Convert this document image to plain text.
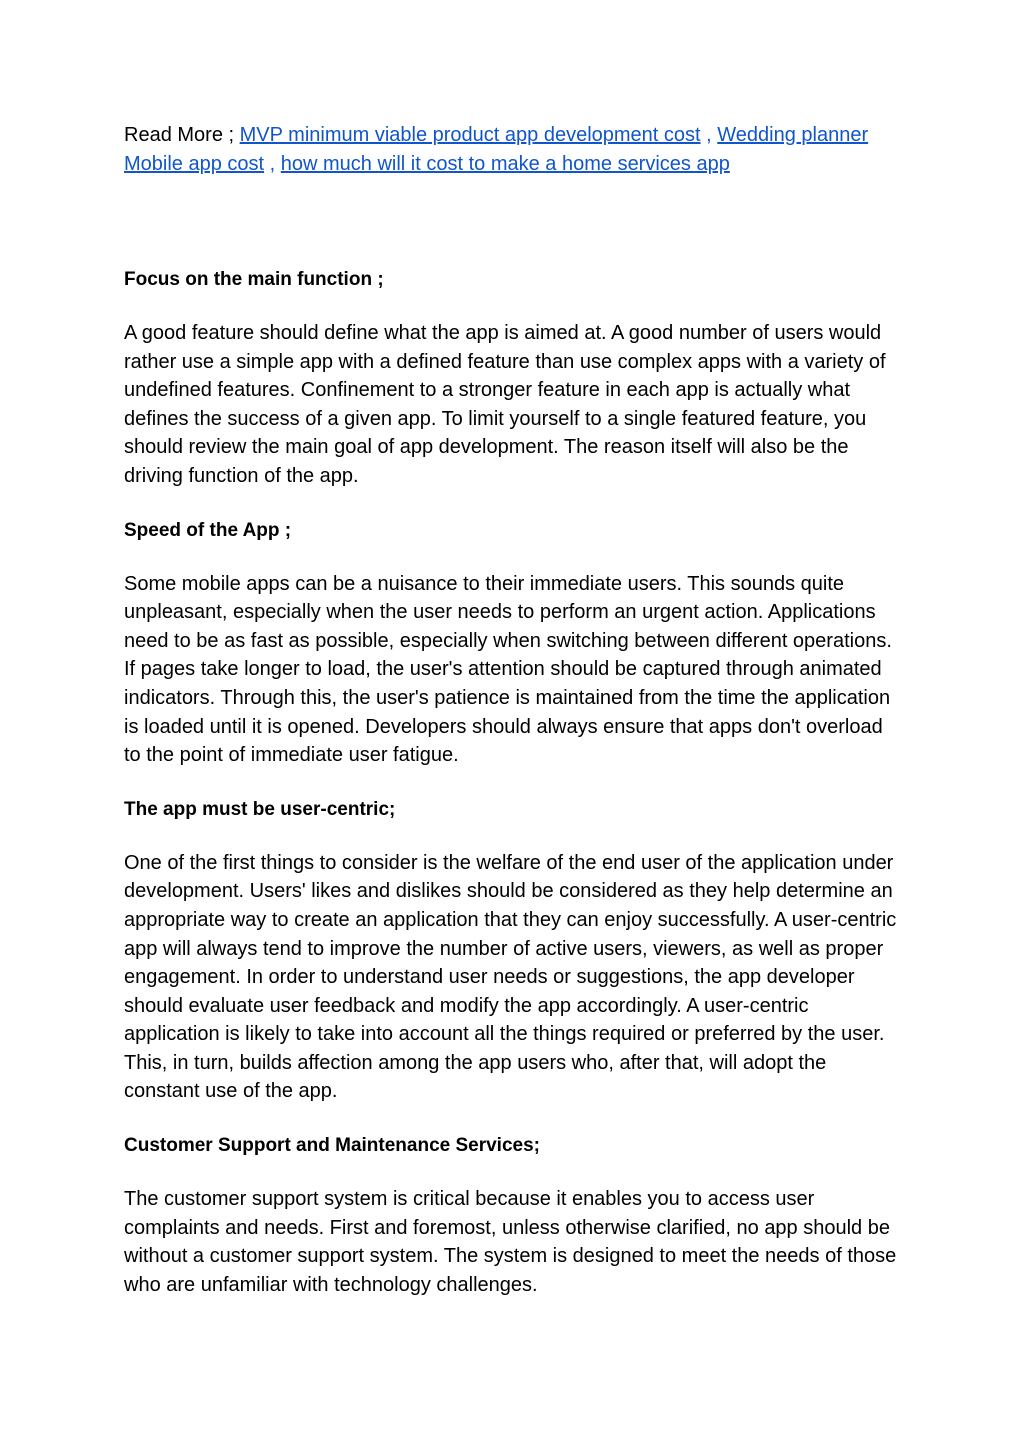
Read More ; MVP minimum viable product app development cost , Wedding planner Mobile app cost , how much will it cost to make a home services app

Focus on the main function ;

A good feature should define what the app is aimed at. A good number of users would rather use a simple app with a defined feature than use complex apps with a variety of undefined features. Confinement to a stronger feature in each app is actually what defines the success of a given app. To limit yourself to a single featured feature, you should review the main goal of app development. The reason itself will also be the driving function of the app.

Speed of the App ;

Some mobile apps can be a nuisance to their immediate users. This sounds quite unpleasant, especially when the user needs to perform an urgent action. Applications need to be as fast as possible, especially when switching between different operations. If pages take longer to load, the user's attention should be captured through animated indicators. Through this, the user's patience is maintained from the time the application is loaded until it is opened. Developers should always ensure that apps don't overload to the point of immediate user fatigue.

The app must be user-centric;

One of the first things to consider is the welfare of the end user of the application under development. Users' likes and dislikes should be considered as they help determine an appropriate way to create an application that they can enjoy successfully. A user-centric app will always tend to improve the number of active users, viewers, as well as proper engagement. In order to understand user needs or suggestions, the app developer should evaluate user feedback and modify the app accordingly. A user-centric application is likely to take into account all the things required or preferred by the user. This, in turn, builds affection among the app users who, after that, will adopt the constant use of the app.

Customer Support and Maintenance Services;

The customer support system is critical because it enables you to access user complaints and needs. First and foremost, unless otherwise clarified, no app should be without a customer support system. The system is designed to meet the needs of those who are unfamiliar with technology challenges.
